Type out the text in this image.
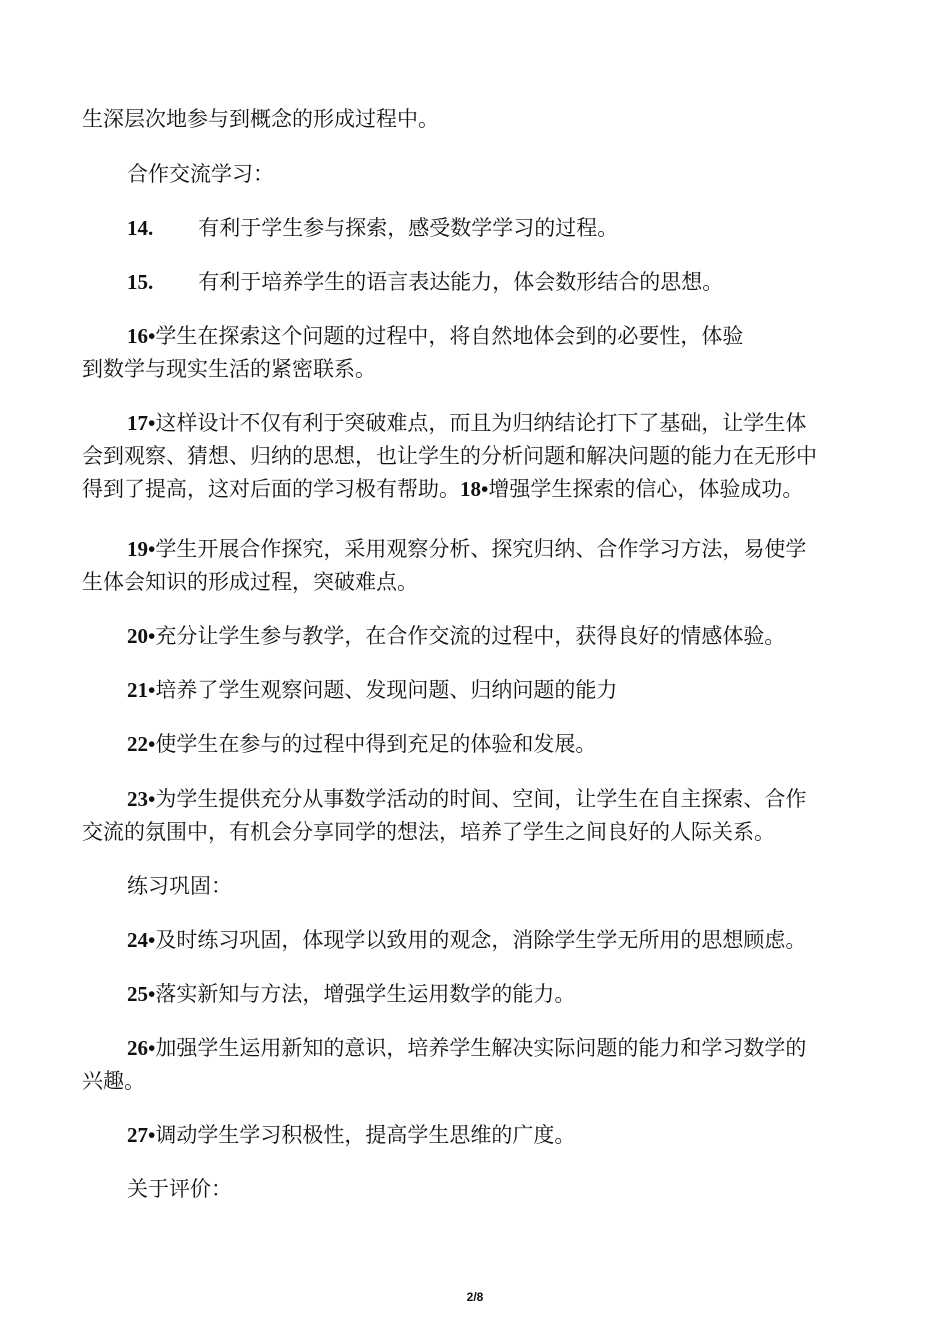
生深层次地参与到概念的形成过程中。

合作交流学习：

14. 有利于学生参与探索，感受数学学习的过程。

15. 有利于培养学生的语言表达能力，体会数形结合的思想。

16•学生在探索这个问题的过程中，将自然地体会到的必要性，体验
到数学与现实生活的紧密联系。
17•这样设计不仅有利于突破难点，而且为归纳结论打下了基础，让学生体
会到观察、猜想、归纳的思想，也让学生的分析问题和解决问题的能力在无形中
得到了提高，这对后面的学习极有帮助。18•增强学生探索的信心，体验成功。
19•学生开展合作探究，采用观察分析、探究归纳、合作学习方法，易使学
生体会知识的形成过程，突破难点。

20•充分让学生参与教学，在合作交流的过程中，获得良好的情感体验。

21•培养了学生观察问题、发现问题、归纳问题的能力

22•使学生在参与的过程中得到充足的体验和发展。

23•为学生提供充分从事数学活动的时间、空间，让学生在自主探索、合作
交流的氛围中，有机会分享同学的想法，培养了学生之间良好的人际关系。

练习巩固：

24•及时练习巩固，体现学以致用的观念，消除学生学无所用的思想顾虑。

25•落实新知与方法，增强学生运用数学的能力。

26•加强学生运用新知的意识，培养学生解决实际问题的能力和学习数学的
兴趣。

27•调动学生学习积极性，提高学生思维的广度。

关于评价：

2/8
